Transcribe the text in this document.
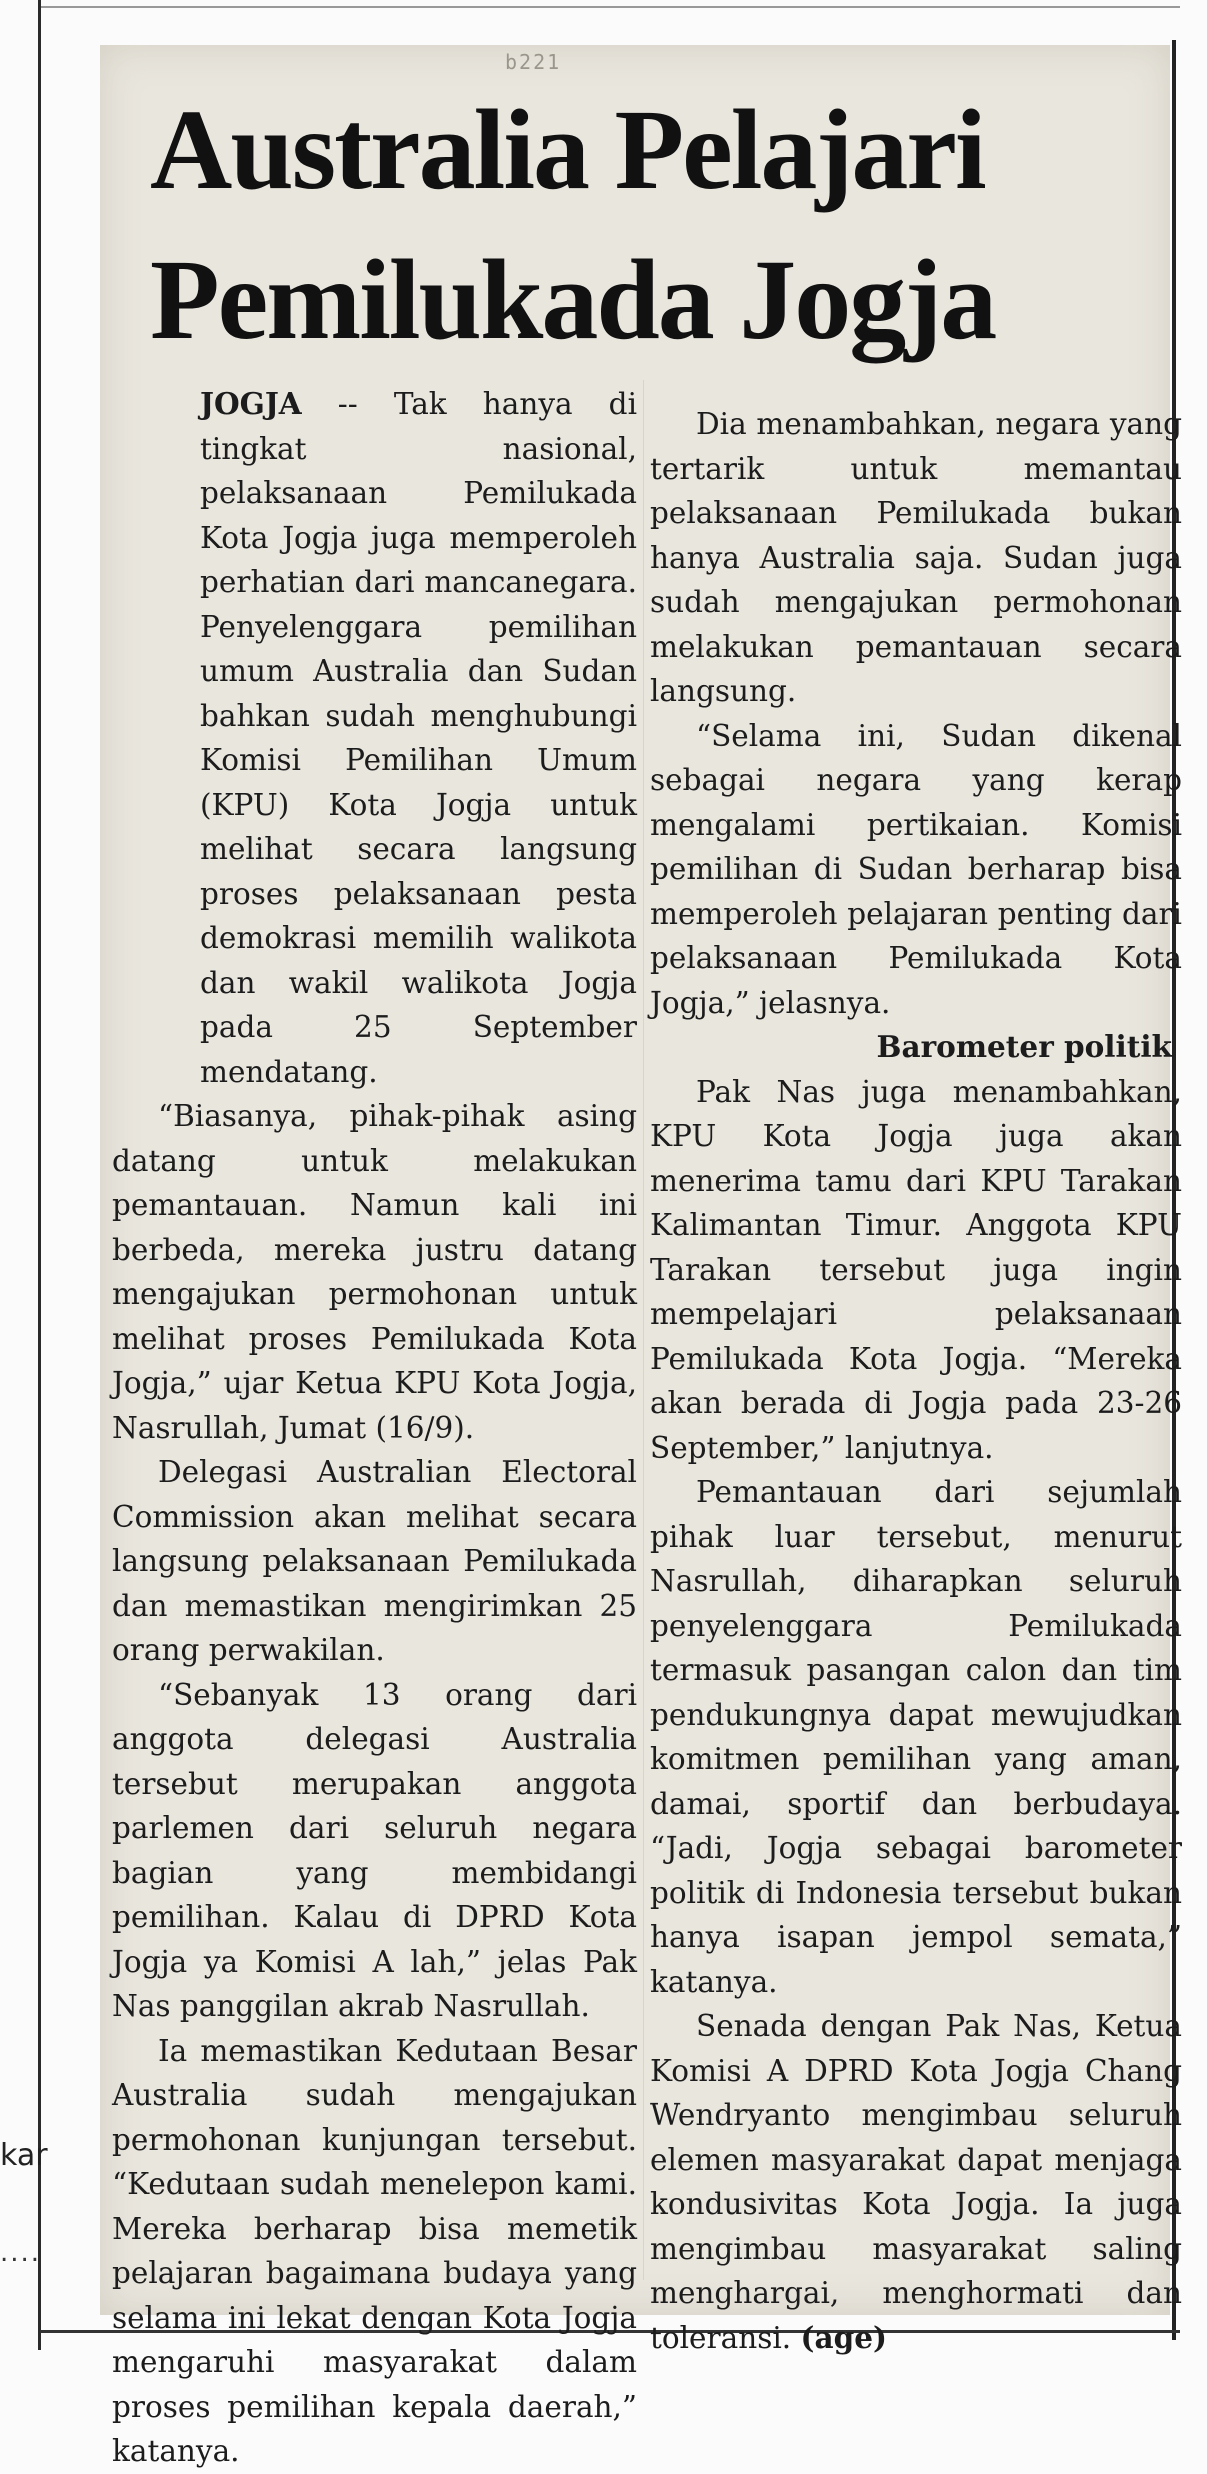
b221
Australia Pelajari
Pemilukada Jogja

JOGJA -- Tak hanya di tingkat nasional, pelaksanaan Pemilukada Kota Jogja juga memperoleh perhatian dari mancanegara. Penyelenggara pemilihan umum Australia dan Sudan bahkan sudah menghubungi Komisi Pemilihan Umum (KPU) Kota Jogja untuk melihat secara langsung proses pelaksanaan pesta demokrasi memilih walikota dan wakil walikota Jogja pada 25 September mendatang.

“Biasanya, pihak-pihak asing datang untuk melakukan pemantauan. Namun kali ini berbeda, mereka justru datang mengajukan permohonan untuk melihat proses Pemilukada Kota Jogja,” ujar Ketua KPU Kota Jogja, Nasrullah, Jumat (16/9).

Delegasi Australian Electoral Commission akan melihat secara langsung pelaksanaan Pemilukada dan memastikan mengirimkan 25 orang perwakilan.

“Sebanyak 13 orang dari anggota delegasi Australia tersebut merupakan anggota parlemen dari seluruh negara bagian yang membidangi pemilihan. Kalau di DPRD Kota Jogja ya Komisi A lah,” jelas Pak Nas panggilan akrab Nasrullah.

Ia memastikan Kedutaan Besar Australia sudah mengajukan permohonan kunjungan tersebut. “Kedutaan sudah menelepon kami. Mereka berharap bisa memetik pelajaran bagaimana budaya yang selama ini lekat dengan Kota Jogja mengaruhi masyarakat dalam proses pemilihan kepala daerah,” katanya.

Dia menambahkan, negara yang tertarik untuk memantau pelaksanaan Pemilukada bukan hanya Australia saja. Sudan juga sudah mengajukan permohonan melakukan pemantauan secara langsung.

“Selama ini, Sudan dikenal sebagai negara yang kerap mengalami pertikaian. Komisi pemilihan di Sudan berharap bisa memperoleh pelajaran penting dari pelaksanaan Pemilukada Kota Jogja,” jelasnya.

Barometer politik

Pak Nas juga menambahkan, KPU Kota Jogja juga akan menerima tamu dari KPU Tarakan Kalimantan Timur. Anggota KPU Tarakan tersebut juga ingin mempelajari pelaksanaan Pemilukada Kota Jogja. “Mereka akan berada di Jogja pada 23-26 September,” lanjutnya.

Pemantauan dari sejumlah pihak luar tersebut, menurut Nasrullah, diharapkan seluruh penyelenggara Pemilukada termasuk pasangan calon dan tim pendukungnya dapat mewujudkan komitmen pemilihan yang aman, damai, sportif dan berbudaya. “Jadi, Jogja sebagai barometer politik di Indonesia tersebut bukan hanya isapan jempol semata,” katanya.

Senada dengan Pak Nas, Ketua Komisi A DPRD Kota Jogja Chang Wendryanto mengimbau seluruh elemen masyarakat dapat menjaga kondusivitas Kota Jogja. Ia juga mengimbau masyarakat saling menghargai, menghormati dan toleransi. (age)

kar
....
